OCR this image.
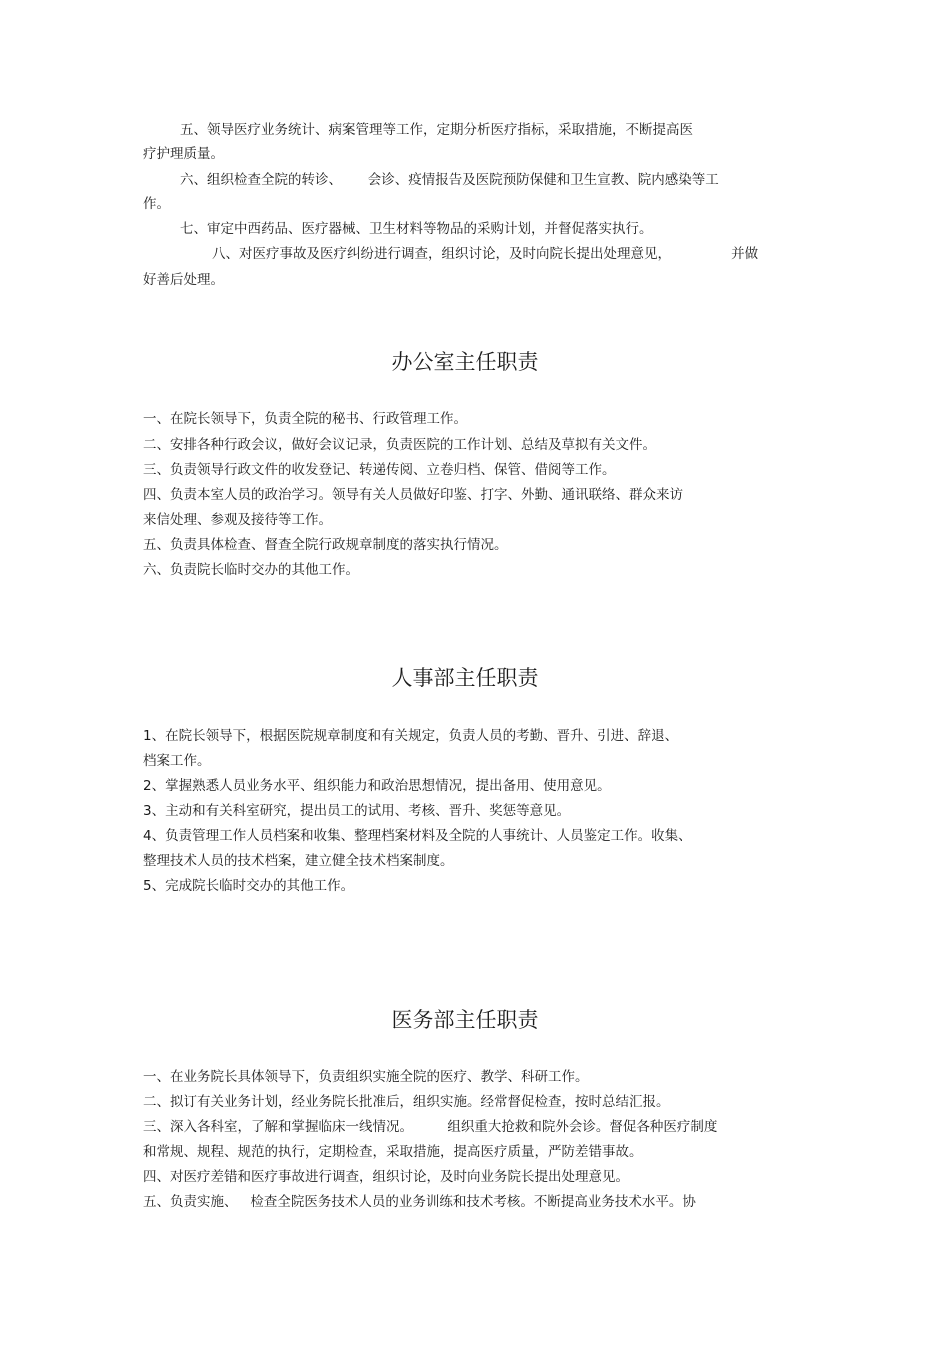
五、领导医疗业务统计、病案管理等工作，定期分析医疗指标，采取措施，不断提高医
疗护理质量。
六、组织检查全院的转诊、      会诊、疫情报告及医院预防保健和卫生宣教、院内感染等工
作。
七、审定中西药品、医疗器械、卫生材料等物品的采购计划，并督促落实执行。
八、对医疗事故及医疗纠纷进行调查，组织讨论，及时向院长提出处理意见，              并做
好善后处理。
办公室主任职责
一、在院长领导下，负责全院的秘书、行政管理工作。
二、安排各种行政会议，做好会议记录，负责医院的工作计划、总结及草拟有关文件。
三、负责领导行政文件的收发登记、转递传阅、立卷归档、保管、借阅等工作。
四、负责本室人员的政治学习。领导有关人员做好印鉴、打字、外勤、通讯联络、群众来访
来信处理、参观及接待等工作。
五、负责具体检查、督查全院行政规章制度的落实执行情况。
六、负责院长临时交办的其他工作。
人事部主任职责
1、在院长领导下，根据医院规章制度和有关规定，负责人员的考勤、晋升、引进、辞退、
档案工作。
2、掌握熟悉人员业务水平、组织能力和政治思想情况，提出备用、使用意见。
3、主动和有关科室研究，提出员工的试用、考核、晋升、奖惩等意见。
4、负责管理工作人员档案和收集、整理档案材料及全院的人事统计、人员鉴定工作。收集、
整理技术人员的技术档案，建立健全技术档案制度。
5、完成院长临时交办的其他工作。
医务部主任职责
一、在业务院长具体领导下，负责组织实施全院的医疗、教学、科研工作。
二、拟订有关业务计划，经业务院长批准后，组织实施。经常督促检查，按时总结汇报。
三、深入各科室，了解和掌握临床一线情况。        组织重大抢救和院外会诊。督促各种医疗制度
和常规、规程、规范的执行，定期检查，采取措施，提高医疗质量，严防差错事故。
四、对医疗差错和医疗事故进行调查，组织讨论，及时向业务院长提出处理意见。
五、负责实施、   检查全院医务技术人员的业务训练和技术考核。不断提高业务技术水平。协
